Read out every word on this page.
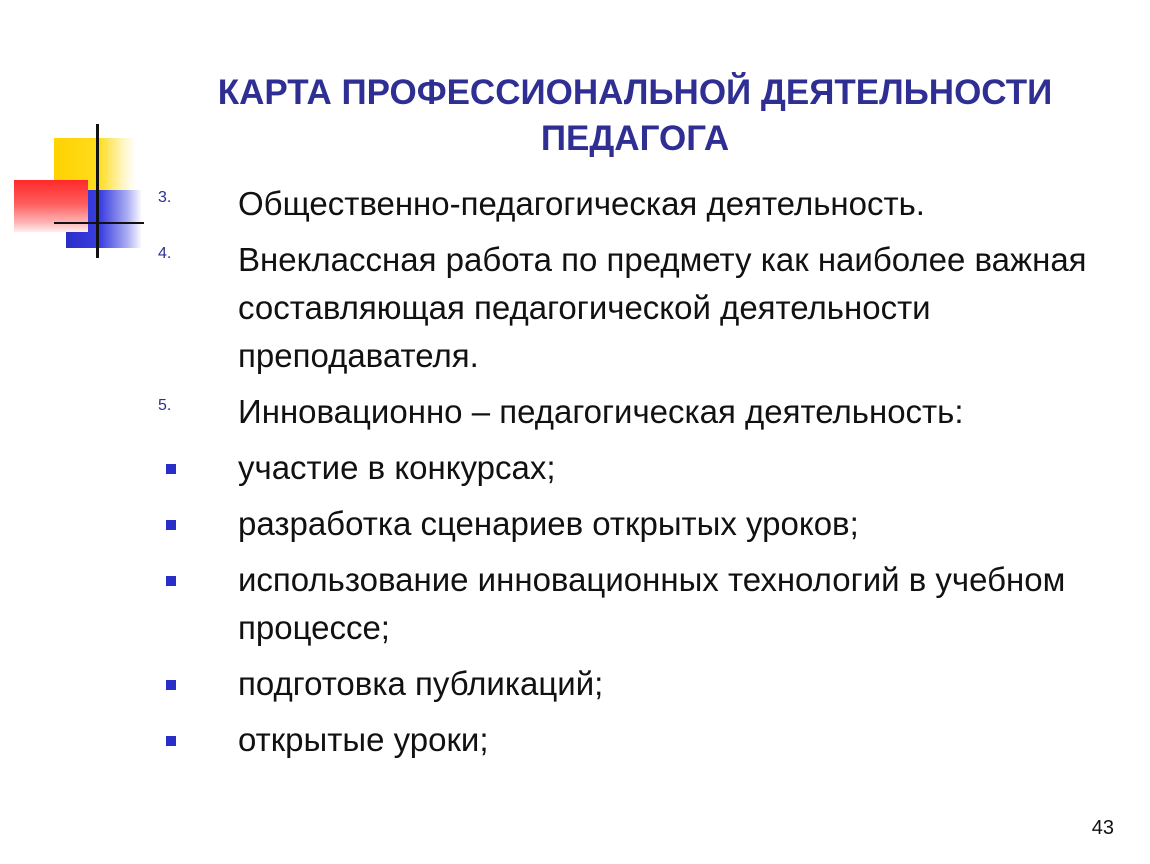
КАРТА ПРОФЕССИОНАЛЬНОЙ ДЕЯТЕЛЬНОСТИ ПЕДАГОГА
3. Общественно-педагогическая деятельность.
4. Внеклассная работа по предмету как наиболее важная составляющая педагогической деятельности преподавателя.
5. Инновационно – педагогическая деятельность:
участие в конкурсах;
разработка сценариев открытых уроков;
использование инновационных технологий в учебном процессе;
подготовка публикаций;
открытые уроки;
43
